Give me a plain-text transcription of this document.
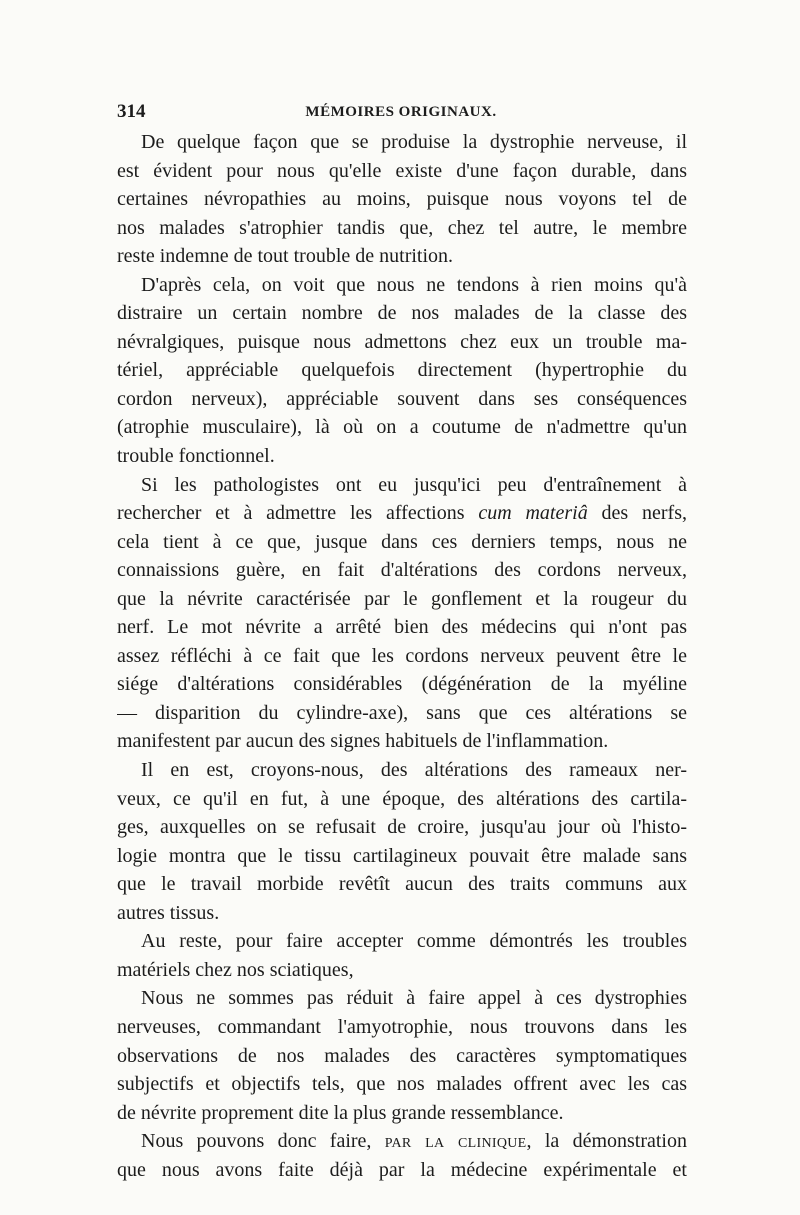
314	MÉMOIRES ORIGINAUX.
De quelque façon que se produise la dystrophie nerveuse, il
est évident pour nous qu'elle existe d'une façon durable, dans
certaines névropathies au moins, puisque nous voyons tel de
nos malades s'atrophier tandis que, chez tel autre, le membre
reste indemne de tout trouble de nutrition.
D'après cela, on voit que nous ne tendons à rien moins qu'à
distraire un certain nombre de nos malades de la classe des
névralgiques, puisque nous admettons chez eux un trouble ma-
tériel, appréciable quelquefois directement (hypertrophie du
cordon nerveux), appréciable souvent dans ses conséquences
(atrophie musculaire), là où on a coutume de n'admettre qu'un
trouble fonctionnel.
Si les pathologistes ont eu jusqu'ici peu d'entraînement à
rechercher et à admettre les affections cum materiâ des nerfs,
cela tient à ce que, jusque dans ces derniers temps, nous ne
connaissions guère, en fait d'altérations des cordons nerveux,
que la névrite caractérisée par le gonflement et la rougeur du
nerf. Le mot névrite a arrêté bien des médecins qui n'ont pas
assez réfléchi à ce fait que les cordons nerveux peuvent être le
siége d'altérations considérables (dégénération de la myéline
— disparition du cylindre-axe), sans que ces altérations se
manifestent par aucun des signes habituels de l'inflammation.
Il en est, croyons-nous, des altérations des rameaux ner-
veux, ce qu'il en fut, à une époque, des altérations des cartila-
ges, auxquelles on se refusait de croire, jusqu'au jour où l'histo-
logie montra que le tissu cartilagineux pouvait être malade sans
que le travail morbide revêtît aucun des traits communs aux
autres tissus.
Au reste, pour faire accepter comme démontrés les troubles
matériels chez nos sciatiques,
Nous ne sommes pas réduit à faire appel à ces dystrophies
nerveuses, commandant l'amyotrophie, nous trouvons dans les
observations de nos malades des caractères symptomatiques
subjectifs et objectifs tels, que nos malades offrent avec les cas
de névrite proprement dite la plus grande ressemblance.
Nous pouvons donc faire, par la clinique, la démonstration
que nous avons faite déjà par la médecine expérimentale et
